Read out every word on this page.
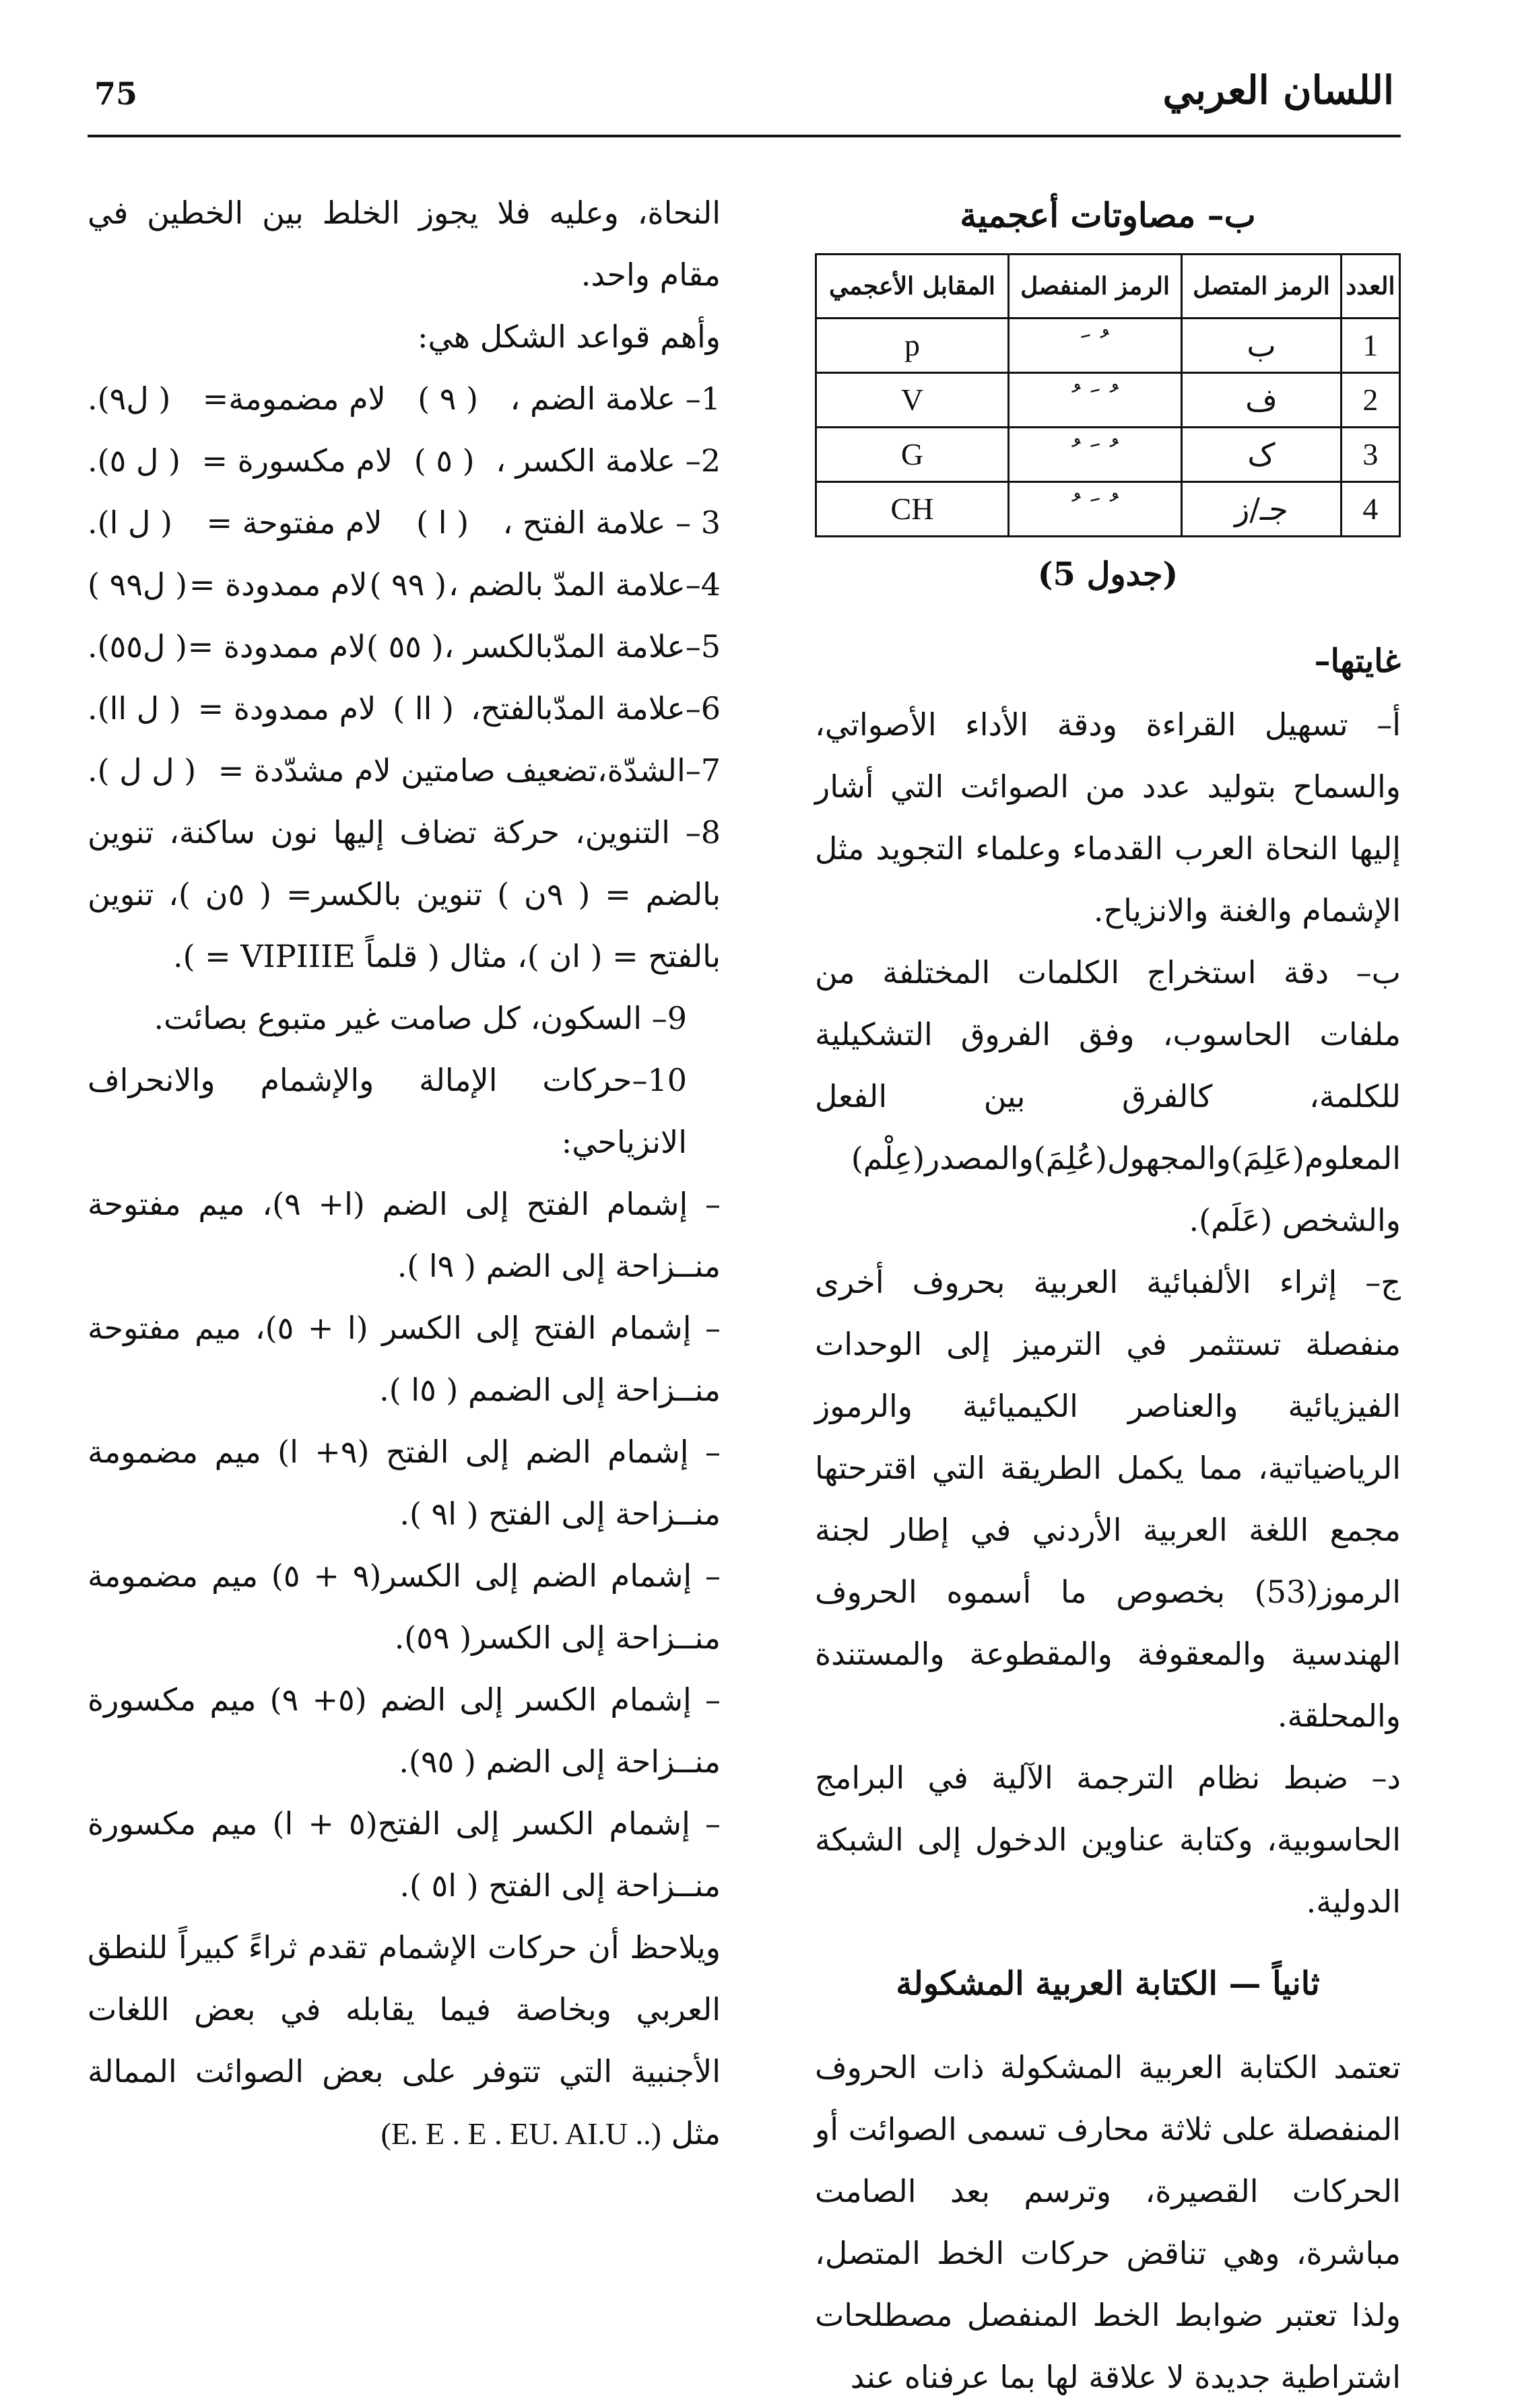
75	اللسان العربي

ب– مصاوتات أعجمية

العدد	الرمز المتصل	الرمز المنفصل	المقابل الأعجمي
1	ب	ﹸ ﹶ	p
2	ف	ﹸ ﹶ ﹸ	V
3	ک	ﹸ ﹶ ﹸ	G
4	جـ/ز	ﹸ ﹶ ﹸ	CH

(جدول 5)

غايتها–

أ– تسهيل القراءة ودقة الأداء الأصواتي، والسماح بتوليد عدد من الصوائت التي أشار إليها النحاة العرب القدماء وعلماء التجويد مثل الإشمام والغنة والانزياح.

ب– دقة استخراج الكلمات المختلفة من ملفات الحاسوب، وفق الفروق التشكيلية للكلمة، كالفرق بين الفعل المعلوم(عَلِمَ)والمجهول(عُلِمَ)والمصدر(عِلْم) والشخص (عَلَم).

ج– إثراء الألفبائية العربية بحروف أخرى منفصلة تستثمر في الترميز إلى الوحدات الفيزيائية والعناصر الكيميائية والرموز الرياضياتية، مما يكمل الطريقة التي اقترحتها مجمع اللغة العربية الأردني في إطار لجنة الرموز(53) بخصوص ما أسموه الحروف الهندسية والمعقوفة والمقطوعة والمستندة والمحلقة.

د– ضبط نظام الترجمة الآلية في البرامج الحاسوبية، وكتابة عناوين الدخول إلى الشبكة الدولية.

ثانياً — الكتابة العربية المشكولة

تعتمد الكتابة العربية المشكولة ذات الحروف المنفصلة على ثلاثة محارف تسمى الصوائت أو الحركات القصيرة، وترسم بعد الصامت مباشرة، وهي تناقض حركات الخط المتصل، ولذا تعتبر ضوابط الخط المنفصل مصطلحات اشتراطية جديدة لا علاقة لها بما عرفناه عند

النحاة، وعليه فلا يجوز الخلط بين الخطين في مقام واحد.

وأهم قواعد الشكل هي:

1– علامة الضم ،
( ٩ )
لام مضمومة=
( ل٩).
2– علامة الكسر ،
( ٥ )
لام مكسورة =
( ل ٥).
3 – علامة الفتح ،
( ا )
لام مفتوحة =
( ل ا).
4–علامة المدّ بالضم ،
( ٩٩ )
لام ممدودة =
( ل٩٩ )
5–علامة المدّبالكسر ،
( ٥٥ )
لام ممدودة =
( ل٥٥).
6–علامة المدّبالفتح،
( اا )
لام ممدودة =
( ل اا).
7–الشدّة،تضعيف صامتين لام مشدّدة =
( ل ل ).

8– التنوين، حركة تضاف إليها نون ساكنة، تنوين بالضم = ( ٩ن ) تنوين بالكسر= ( ٥ن )، تنوين بالفتح = ( ان )، مثال ( قلماً VIPIIIE = ).

9– السكون، كل صامت غير متبوع بصائت.

10–حركات الإمالة والإشمام والانحراف الانزياحي:

– إشمام الفتح إلى الضم (ا+ ٩)، ميم مفتوحة منــزاحة إلى الضم ( ٩ا ).

– إشمام الفتح إلى الكسر (ا + ٥)، ميم مفتوحة منــزاحة إلى الضمم ( ٥ا ).

– إشمام الضم إلى الفتح (٩+ ا) ميم مضمومة منــزاحة إلى الفتح ( ا٩ ).

– إشمام الضم إلى الكسر(٩ + ٥) ميم مضمومة منــزاحة إلى الكسر( ٥٩).

– إشمام الكسر إلى الضم (٥+ ٩) ميم مكسورة منــزاحة إلى الضم ( ٩٥).

– إشمام الكسر إلى الفتح(٥ + ا) ميم مكسورة منــزاحة إلى الفتح ( ا٥ ).

ويلاحظ أن حركات الإشمام تقدم ثراءً كبيراً للنطق العربي وبخاصة فيما يقابله في بعض اللغات الأجنبية التي تتوفر على بعض الصوائت الممالة مثل (E. E . E . EU. AI.U ..)
